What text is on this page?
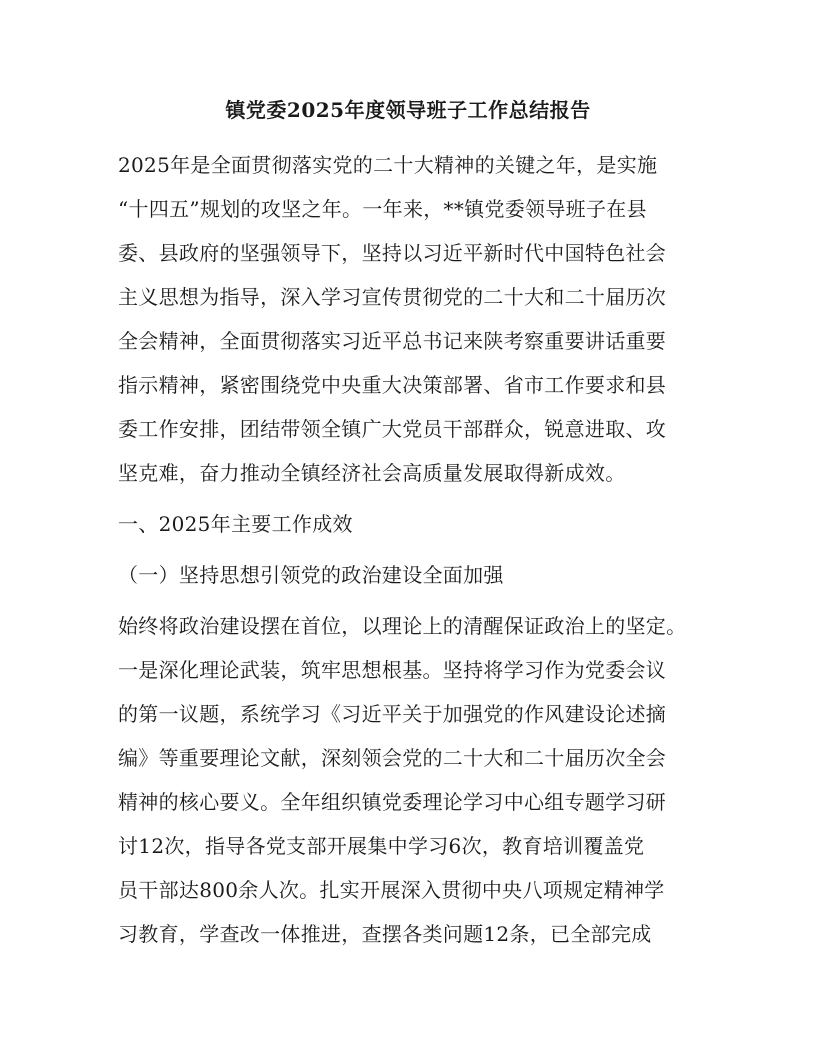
镇党委2025年度领导班子工作总结报告
2025年是全面贯彻落实党的二十大精神的关键之年，是实施
“十四五”规划的攻坚之年。一年来，**镇党委领导班子在县
委、县政府的坚强领导下，坚持以习近平新时代中国特色社会
主义思想为指导，深入学习宣传贯彻党的二十大和二十届历次
全会精神，全面贯彻落实习近平总书记来陕考察重要讲话重要
指示精神，紧密围绕党中央重大决策部署、省市工作要求和县
委工作安排，团结带领全镇广大党员干部群众，锐意进取、攻
坚克难，奋力推动全镇经济社会高质量发展取得新成效。
一、2025年主要工作成效
（一）坚持思想引领党的政治建设全面加强
始终将政治建设摆在首位，以理论上的清醒保证政治上的坚定。
一是深化理论武装，筑牢思想根基。坚持将学习作为党委会议
的第一议题，系统学习《习近平关于加强党的作风建设论述摘
编》等重要理论文献，深刻领会党的二十大和二十届历次全会
精神的核心要义。全年组织镇党委理论学习中心组专题学习研
讨12次，指导各党支部开展集中学习6次，教育培训覆盖党
员干部达800余人次。扎实开展深入贯彻中央八项规定精神学
习教育，学查改一体推进，查摆各类问题12条，已全部完成
